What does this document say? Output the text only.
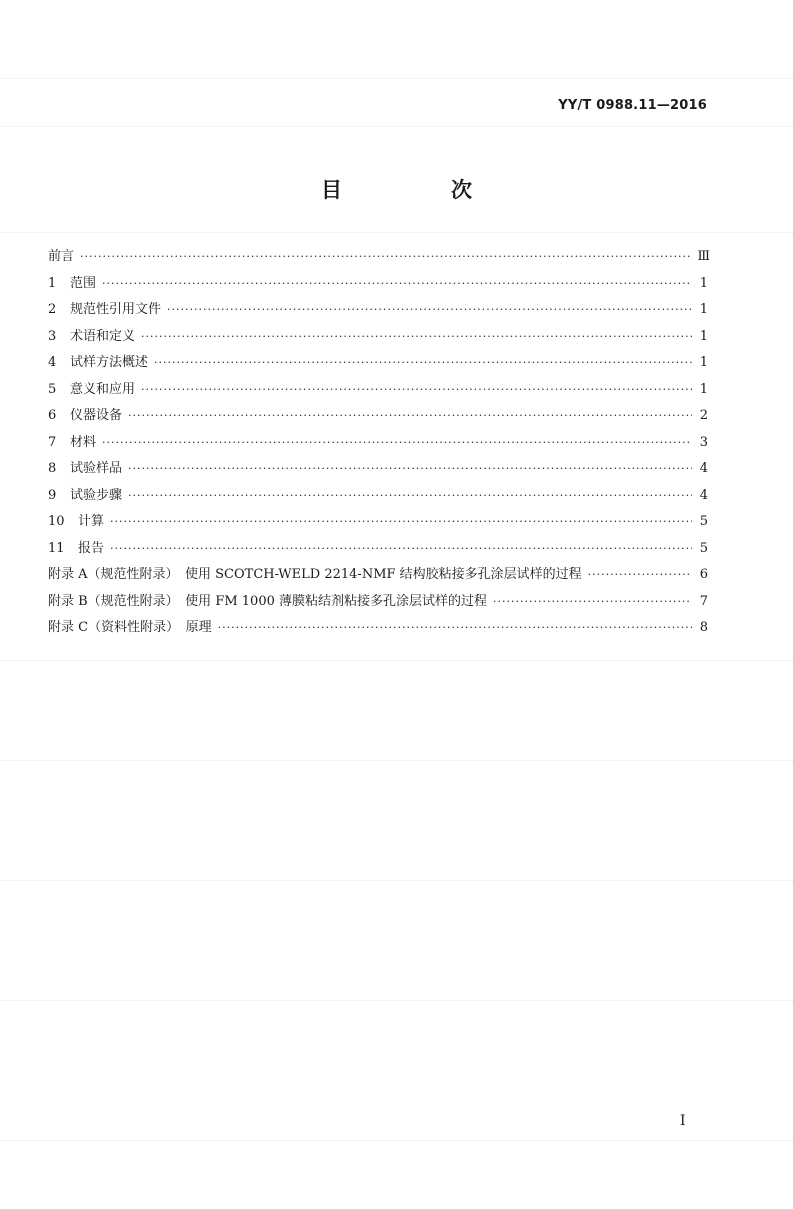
YY/T 0988.11—2016
目　次
前言 ·····	Ⅲ
1	范围 ·····	1
2	规范性引用文件 ·····	1
3	术语和定义 ·····	1
4	试样方法概述 ·····	1
5	意义和应用 ·····	1
6	仪器设备 ·····	2
7	材料 ·····	3
8	试验样品 ·····	4
9	试验步骤 ·····	4
10	计算 ·····	5
11	报告 ·····	5
附录 A（规范性附录）　使用 SCOTCH-WELD 2214-NMF 结构胶粘接多孔涂层试样的过程 ·····	6
附录 B（规范性附录）　使用 FM 1000 薄膜粘结剂粘接多孔涂层试样的过程 ·····	7
附录 C（资料性附录）　原理 ·····	8
I
